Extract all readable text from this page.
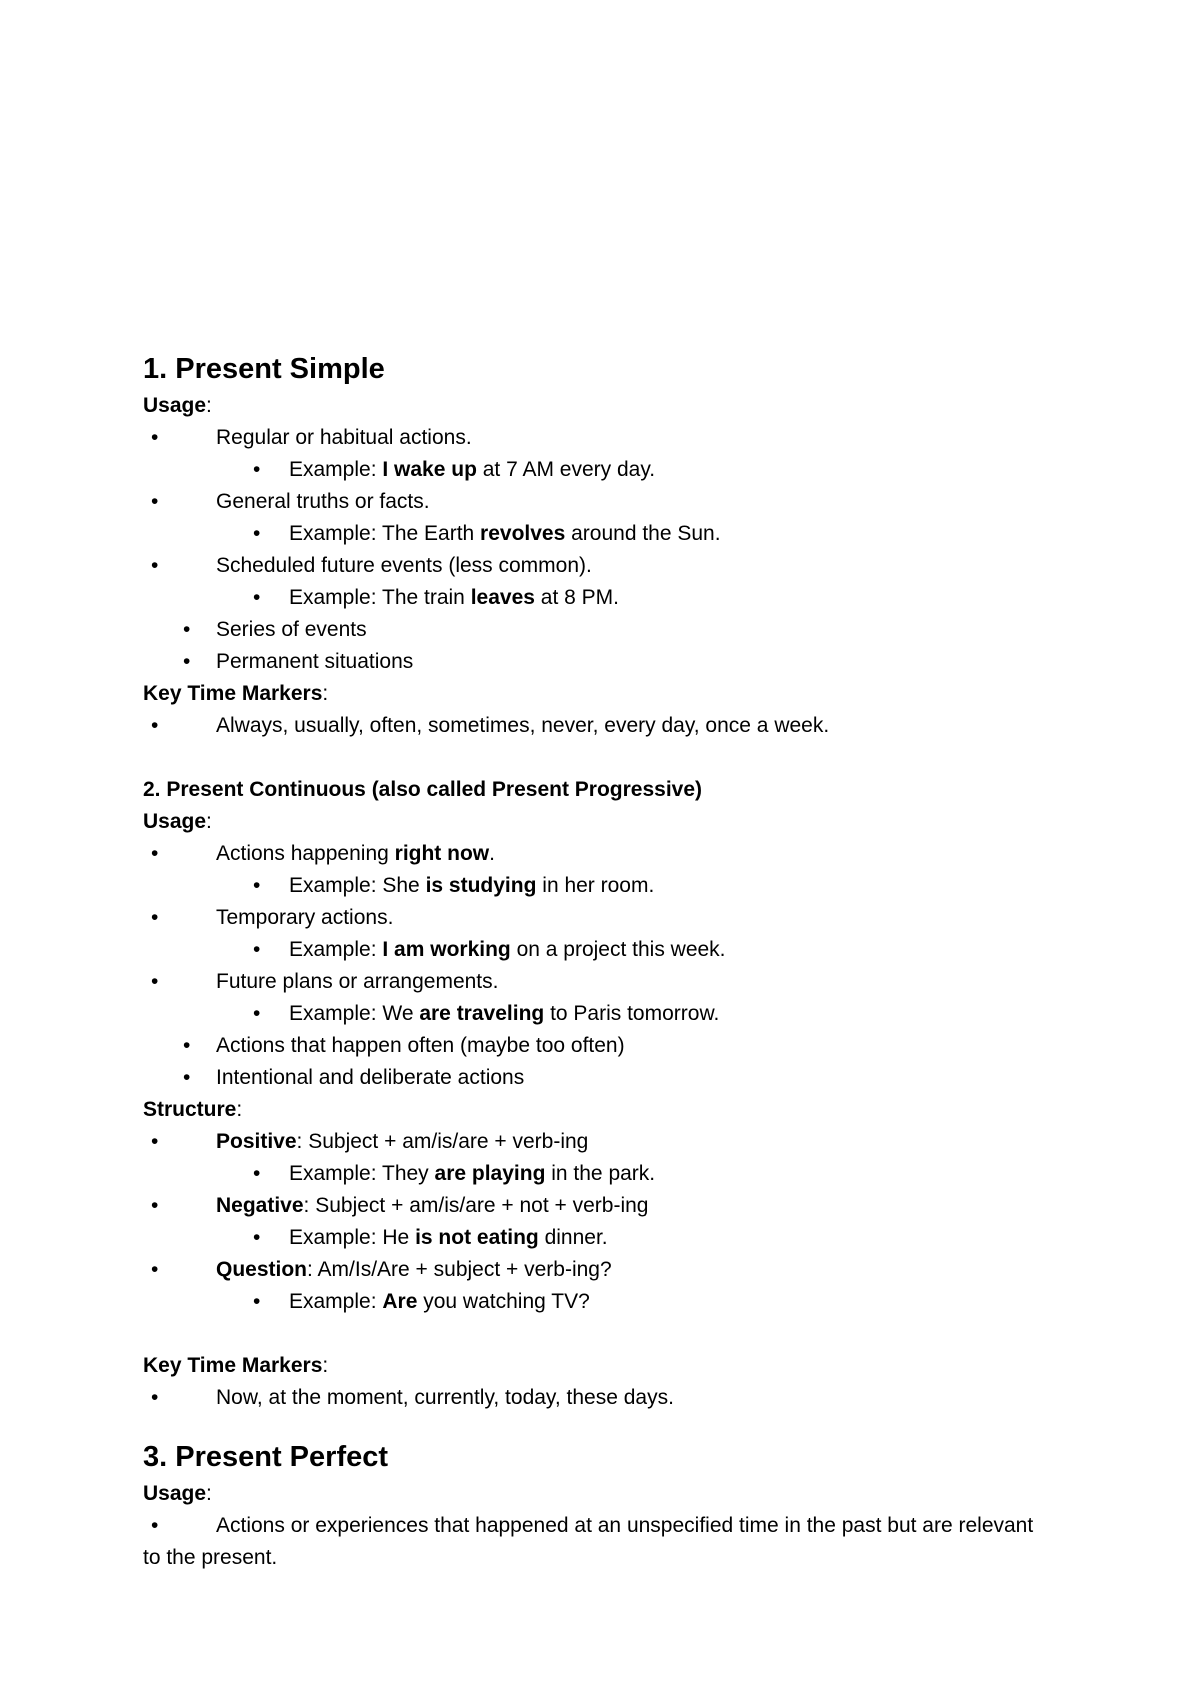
1. Present Simple
Usage:
•	Regular or habitual actions.
• Example: I wake up at 7 AM every day.
•	General truths or facts.
• Example: The Earth revolves around the Sun.
•	Scheduled future events (less common).
• Example: The train leaves at 8 PM.
• Series of events
• Permanent situations
Key Time Markers:
•	Always, usually, often, sometimes, never, every day, once a week.
2. Present Continuous (also called Present Progressive)
Usage:
•	Actions happening right now.
• Example: She is studying in her room.
•	Temporary actions.
• Example: I am working on a project this week.
•	Future plans or arrangements.
• Example: We are traveling to Paris tomorrow.
• Actions that happen often (maybe too often)
• Intentional and deliberate actions
Structure:
•	Positive: Subject + am/is/are + verb-ing
• Example: They are playing in the park.
•	Negative: Subject + am/is/are + not + verb-ing
• Example: He is not eating dinner.
•	Question: Am/Is/Are + subject + verb-ing?
• Example: Are you watching TV?
Key Time Markers:
•	Now, at the moment, currently, today, these days.
3. Present Perfect
Usage:
•	Actions or experiences that happened at an unspecified time in the past but are relevant to the present.
